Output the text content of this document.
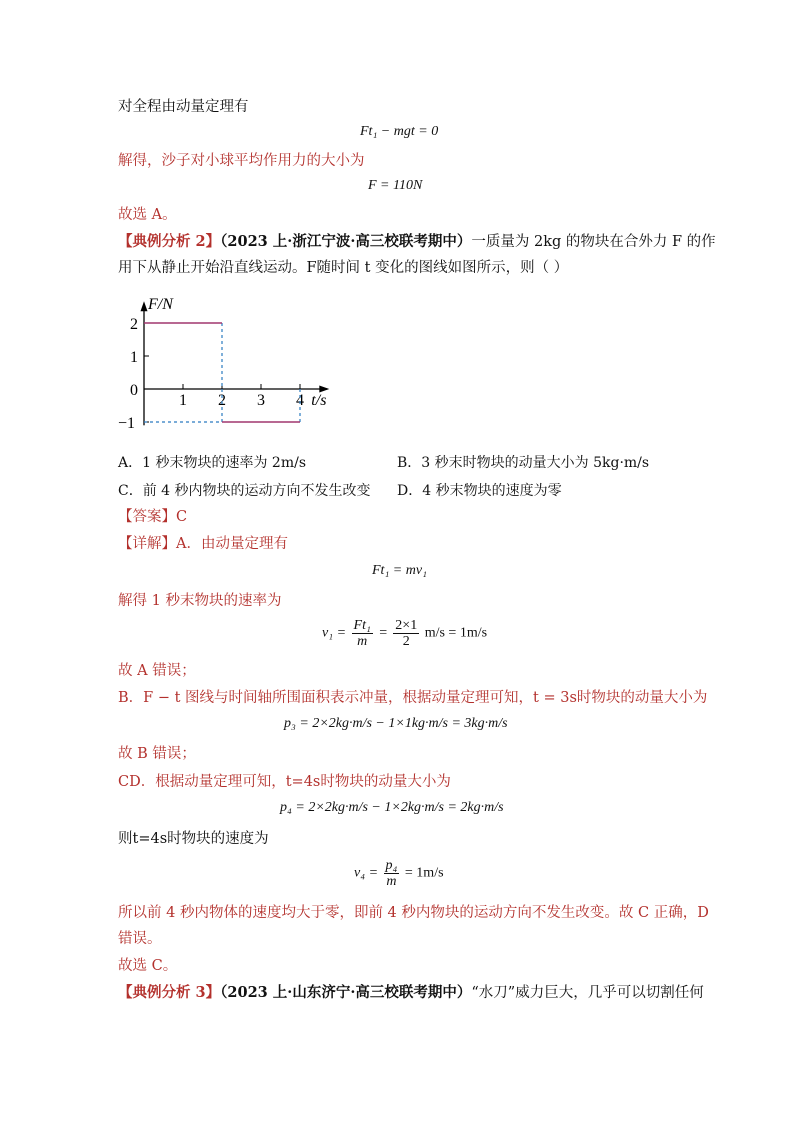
对全程由动量定理有
Ft₁ − mgt = 0
解得，沙子对小球平均作用力的大小为
F = 110N
故选 A。
【典例分析 2】（2023 上·浙江宁波·高三校联考期中）一质量为 2kg 的物块在合外力 F 的作
用下从静止开始沿直线运动。F随时间 t 变化的图线如图所示，则（ ）
1 2 3 4
2
1
0
−1
F/N
t/s
A．1 秒末物块的速率为 2m/s	B．3 秒末时物块的动量大小为 5kg·m/s
C．前 4 秒内物块的运动方向不发生改变 D．4 秒末物块的速度为零
【答案】C
【详解】A．由动量定理有
Ft₁ = mv₁
解得 1 秒末物块的速率为
$v_1 = \frac{\text{Ft₁}}{m} = \frac{2\times 1}{2} m/s = 1m/s$
故 A 错误；
B．F − t 图线与时间轴所围面积表示冲量，根据动量定理可知，t = 3s时物块的动量大小为
p₃ = 2×2kg·m/s − 1×1kg·m/s = 3kg·m/s
故 B 错误；
CD．根据动量定理可知，t=4s时物块的动量大小为
p₄ = 2×2kg·m/s − 1×2kg·m/s = 2kg·m/s
则t=4s时物块的速度为
$v_4 = \frac{\text{p₄}}{m} = 1m/s$
所以前 4 秒内物体的速度均大于零，即前 4 秒内物块的运动方向不发生改变。故 C 正确，D
错误。
故选 C。
【典例分析 3】（2023 上·山东济宁·高三校联考期中）“水刀”威力巨大，几乎可以切割任何
